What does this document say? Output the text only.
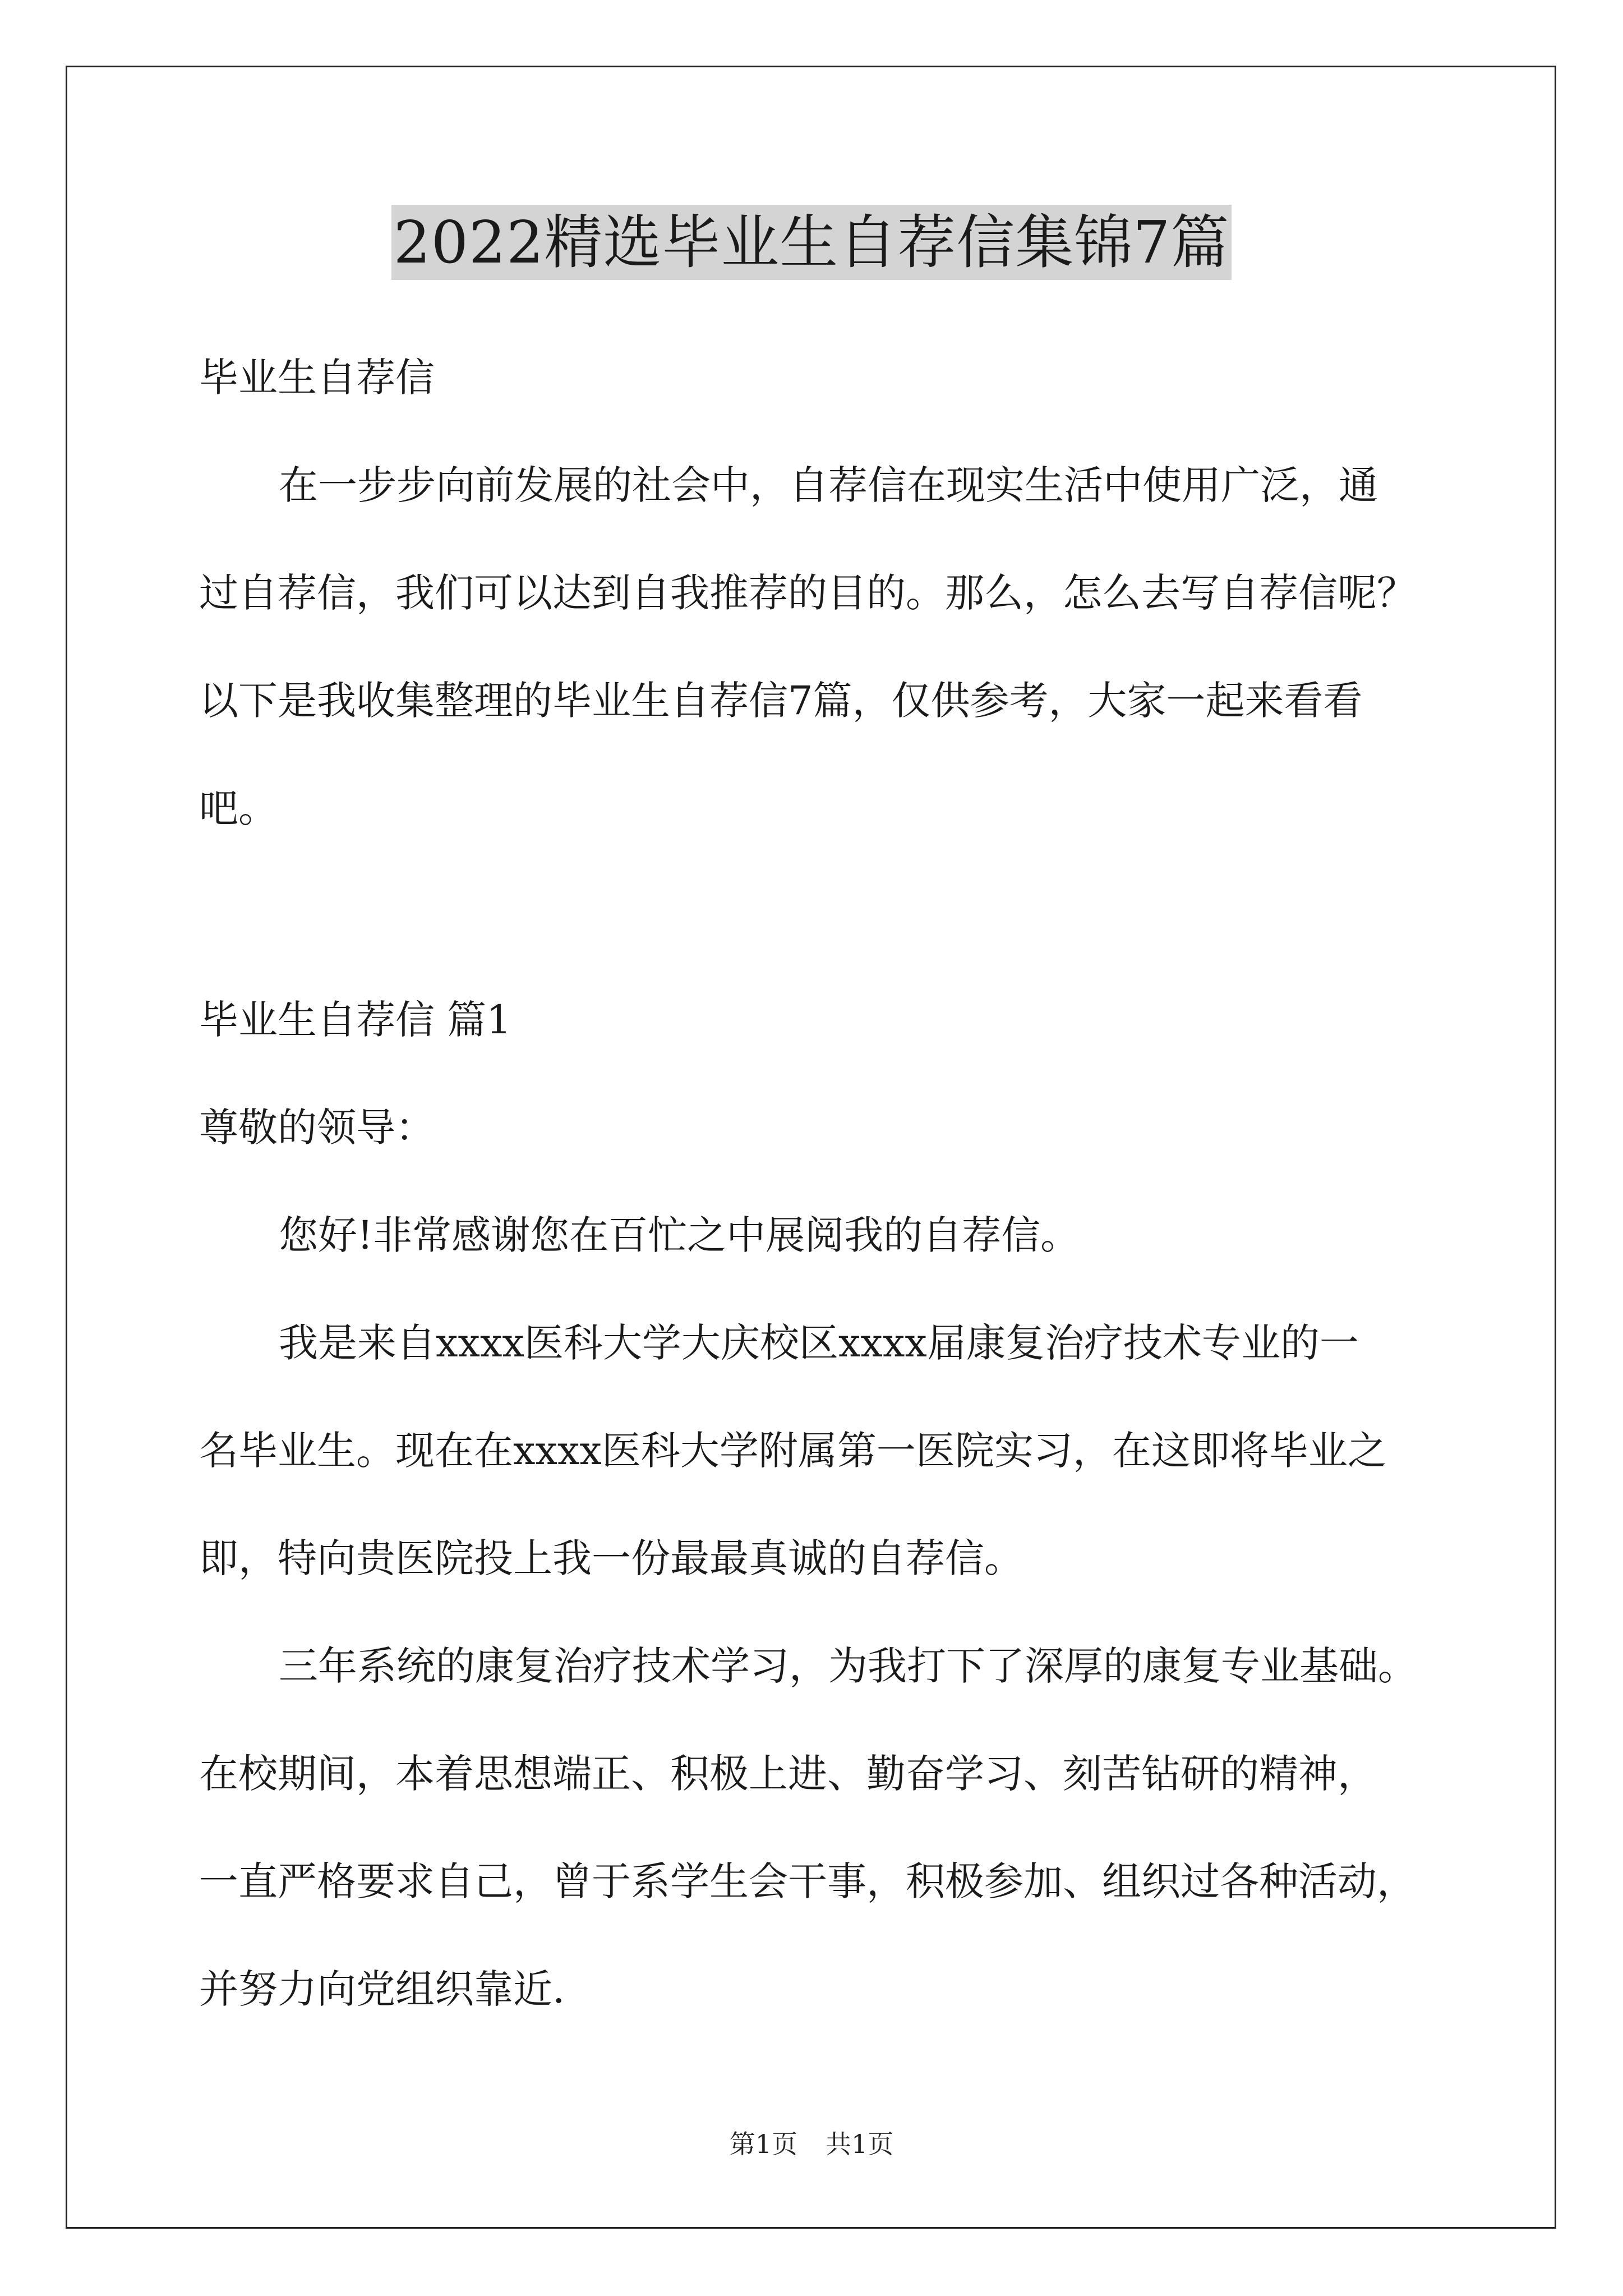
2022精选毕业生自荐信集锦7篇
毕业生自荐信
在一步步向前发展的社会中，自荐信在现实生活中使用广泛，通
过自荐信，我们可以达到自我推荐的目的。那么，怎么去写自荐信呢？
以下是我收集整理的毕业生自荐信7篇，仅供参考，大家一起来看看
吧。
毕业生自荐信 篇1
尊敬的领导：
您好!非常感谢您在百忙之中展阅我的自荐信。
我是来自xxxx医科大学大庆校区xxxx届康复治疗技术专业的一
名毕业生。现在在xxxx医科大学附属第一医院实习，在这即将毕业之
即，特向贵医院投上我一份最最真诚的自荐信。
三年系统的康复治疗技术学习，为我打下了深厚的康复专业基础。
在校期间，本着思想端正、积极上进、勤奋学习、刻苦钻研的精神，
一直严格要求自己，曾于系学生会干事，积极参加、组织过各种活动，
并努力向党组织靠近.
第1页 共1页
